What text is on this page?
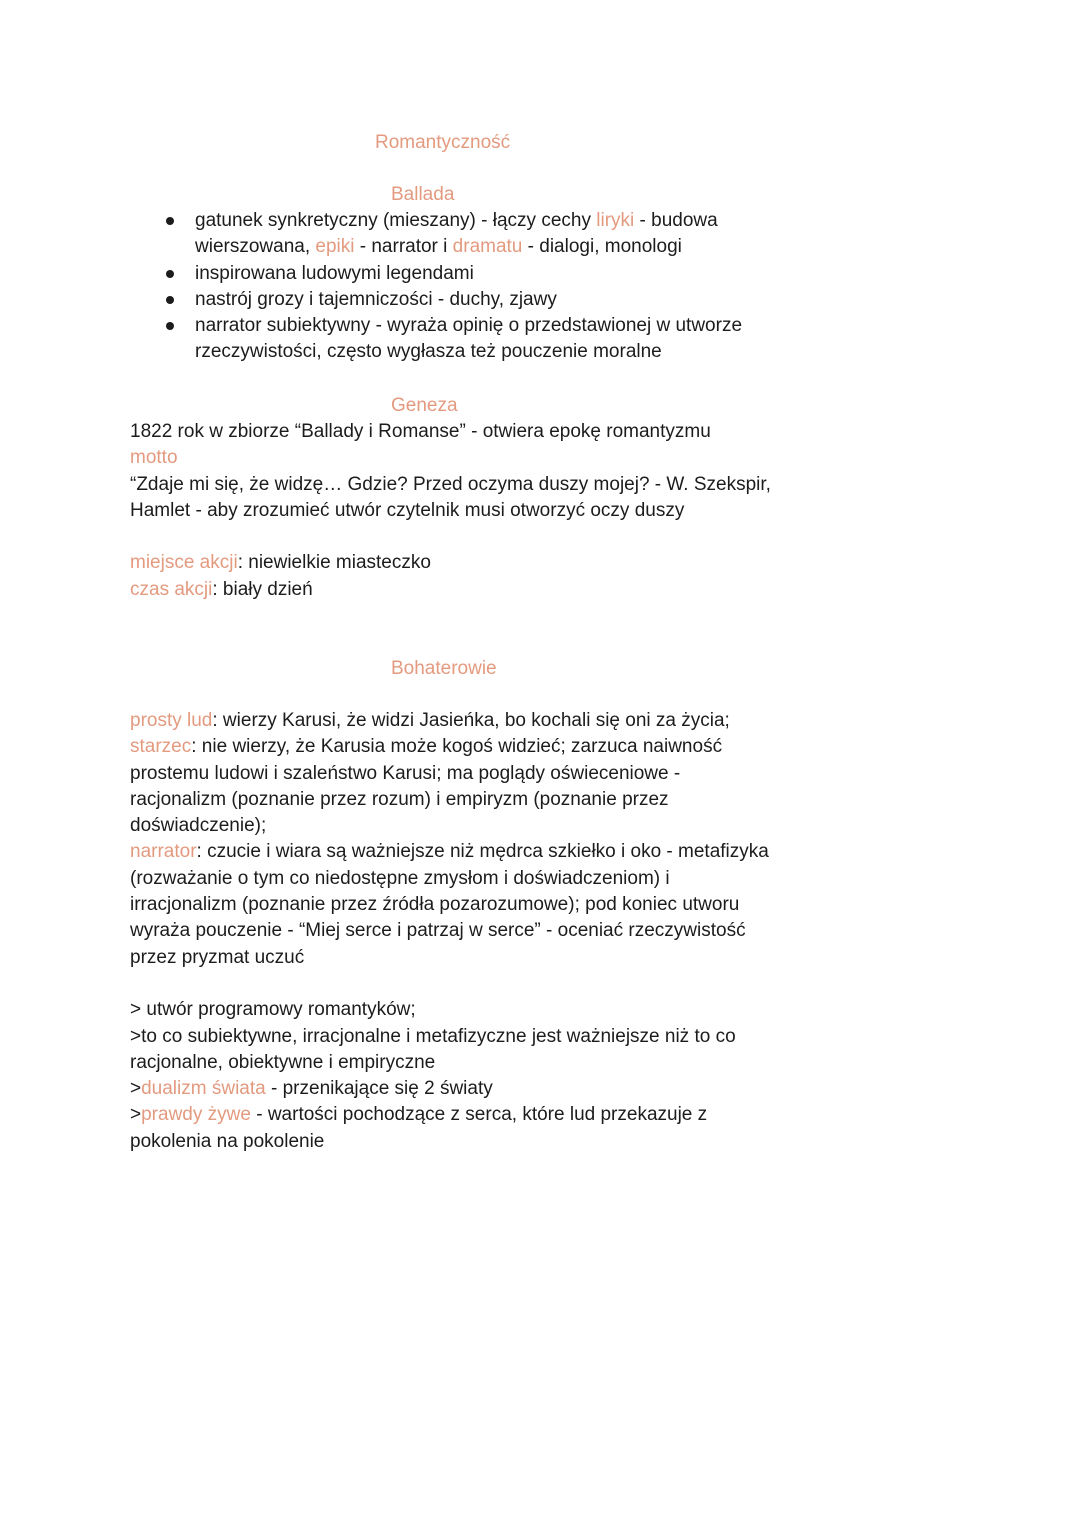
Romantyczność
Ballada
gatunek synkretyczny (mieszany) - łączy cechy liryki - budowa wierszowana, epiki - narrator i dramatu - dialogi, monologi
inspirowana ludowymi legendami
nastrój grozy i tajemniczości - duchy, zjawy
narrator subiektywny - wyraża opinię o przedstawionej w utworze rzeczywistości, często wygłasza też pouczenie moralne
Geneza

1822 rok w zbiorze “Ballady i Romanse” - otwiera epokę romantyzmu

motto

“Zdaje mi się, że widzę… Gdzie? Przed oczyma duszy mojej? - W. Szekspir, Hamlet - aby zrozumieć utwór czytelnik musi otworzyć oczy duszy

miejsce akcji: niewielkie miasteczko

czas akcji: biały dzień

Bohaterowie

prosty lud: wierzy Karusi, że widzi Jasieńka, bo kochali się oni za życia;

starzec: nie wierzy, że Karusia może kogoś widzieć; zarzuca naiwność prostemu ludowi i szaleństwo Karusi; ma poglądy oświeceniowe - racjonalizm (poznanie przez rozum) i empiryzm (poznanie przez doświadczenie);

narrator: czucie i wiara są ważniejsze niż mędrca szkiełko i oko - metafizyka (rozważanie o tym co niedostępne zmysłom i doświadczeniom) i irracjonalizm (poznanie przez źródła pozarozumowe); pod koniec utworu wyraża pouczenie - “Miej serce i patrzaj w serce” - oceniać rzeczywistość przez pryzmat uczuć

> utwór programowy romantyków;

>to co subiektywne, irracjonalne i metafizyczne jest ważniejsze niż to co racjonalne, obiektywne i empiryczne

>dualizm świata - przenikające się 2 światy

>prawdy żywe - wartości pochodzące z serca, które lud przekazuje z pokolenia na pokolenie
